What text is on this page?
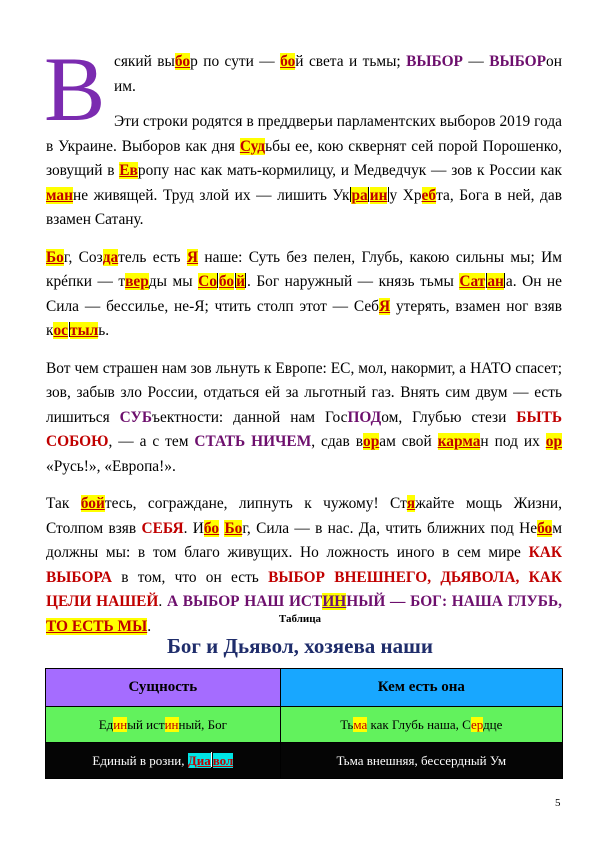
В сякий выбор по сути — бой света и тьмы; ВЫБОР — ВЫБОРон им.
Эти строки родятся в преддверьи парламентских выборов 2019 года в Украине. Выборов как дня Судьбы ее, кою сквернят сей порой Порошенко, зовущий в Европу нас как мать-кормилицу, и Медведчук — зов к России как манне живящей. Труд злой их — лишить Ук ра ин у Хребта, Бога в ней, дав взамен Сатану.

Бог, Создатель есть Я наше: Суть без пелен, Глубь, какою сильны мы; Им крéпки — тверды мы Со бо й . Бог наружный — князь тьмы Сат ан а. Он не Сила — бессилье, не-Я; чтить столп этот — СебЯ утерять, взамен ног взяв кос тыль.

Вот чем страшен нам зов льнуть к Европе: ЕС, мол, накормит, а НАТО спасет; зов, забыв зло России, отдаться ей за льготный газ. Внять сим двум — есть лишиться СУБъектности: данной нам ГосПОДом, Глубью стези БЫТЬ СОБОЮ, — а с тем СТАТЬ НИЧЕМ, сдав ворам свой карман под их ор «Русь!», «Европа!».

Так бойтесь, сограждане, липнуть к чужому! Стяжайте мощь Жизни, Столпом взяв СЕБЯ. Ибо Бог, Сила — в нас. Да, чтить ближних под Небом должны мы: в том благо живущих. Но ложность иного в сем мире КАК ВЫБОРА в том, что он есть ВЫБОР ВНЕШНЕГО, ДЬЯВОЛА, КАК ЦЕЛИ НАШЕЙ. А ВЫБОР НАШ ИСТИННЫЙ — БОГ: НАША ГЛУБЬ, ТО ЕСТЬ МЫ.	Таблица
Бог и Дьявол, хозяева наши
Сущность	Кем есть она
Единый истинный, Бог	Тьма как Глубь наша, Сердце
Единый в розни, Диа вол	Тьма внешняя, бессердный Ум
5
